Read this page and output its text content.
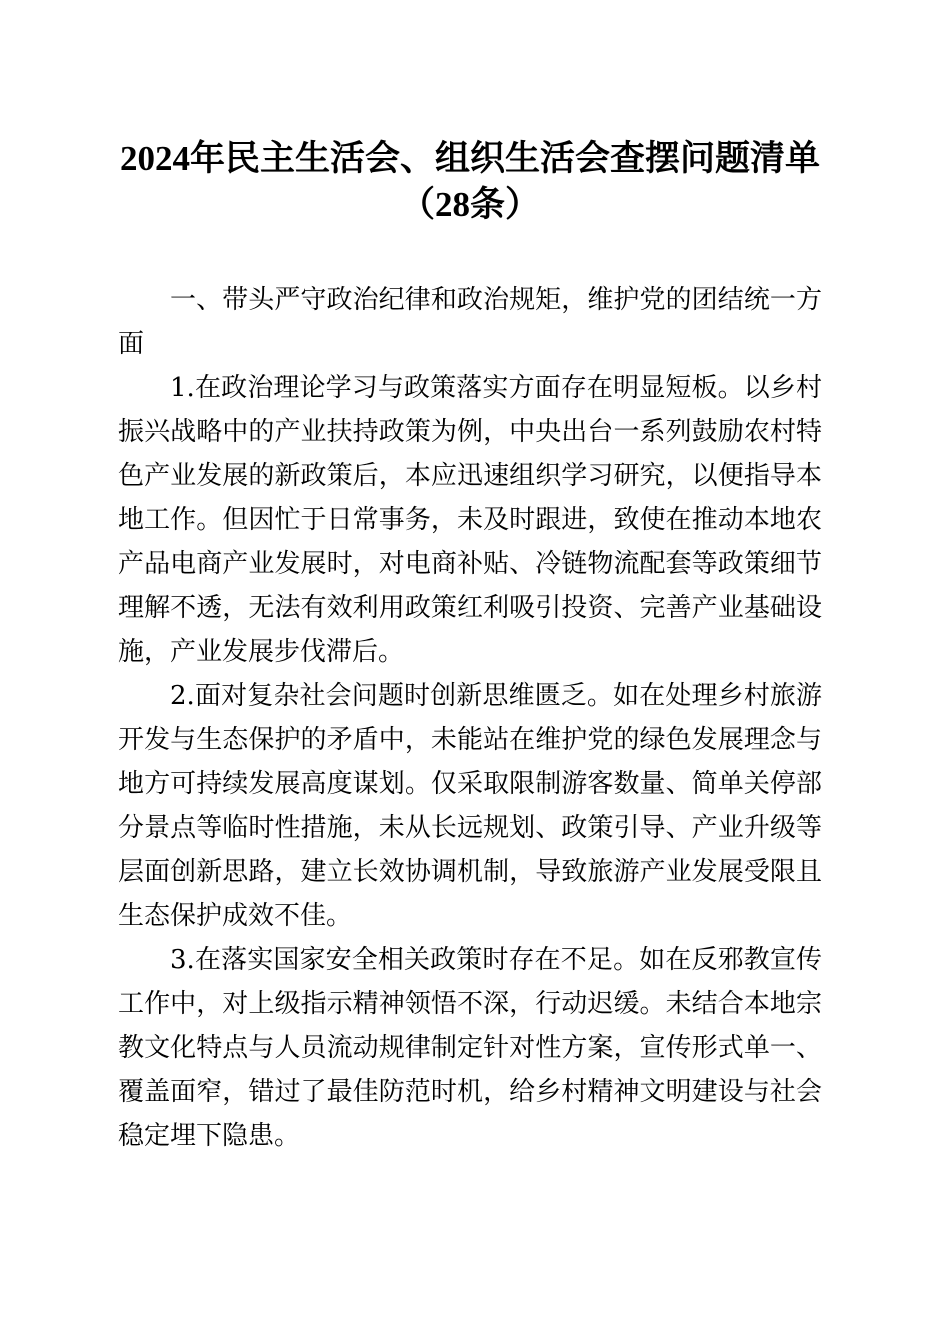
2024年民主生活会、组织生活会查摆问题清单（28条）

一、带头严守政治纪律和政治规矩，维护党的团结统一方面

1.在政治理论学习与政策落实方面存在明显短板。以乡村振兴战略中的产业扶持政策为例，中央出台一系列鼓励农村特色产业发展的新政策后，本应迅速组织学习研究，以便指导本地工作。但因忙于日常事务，未及时跟进，致使在推动本地农产品电商产业发展时，对电商补贴、冷链物流配套等政策细节理解不透，无法有效利用政策红利吸引投资、完善产业基础设施，产业发展步伐滞后。

2.面对复杂社会问题时创新思维匮乏。如在处理乡村旅游开发与生态保护的矛盾中，未能站在维护党的绿色发展理念与地方可持续发展高度谋划。仅采取限制游客数量、简单关停部分景点等临时性措施，未从长远规划、政策引导、产业升级等层面创新思路，建立长效协调机制，导致旅游产业发展受限且生态保护成效不佳。

3.在落实国家安全相关政策时存在不足。如在反邪教宣传工作中，对上级指示精神领悟不深，行动迟缓。未结合本地宗教文化特点与人员流动规律制定针对性方案，宣传形式单一、覆盖面窄，错过了最佳防范时机，给乡村精神文明建设与社会稳定埋下隐患。
